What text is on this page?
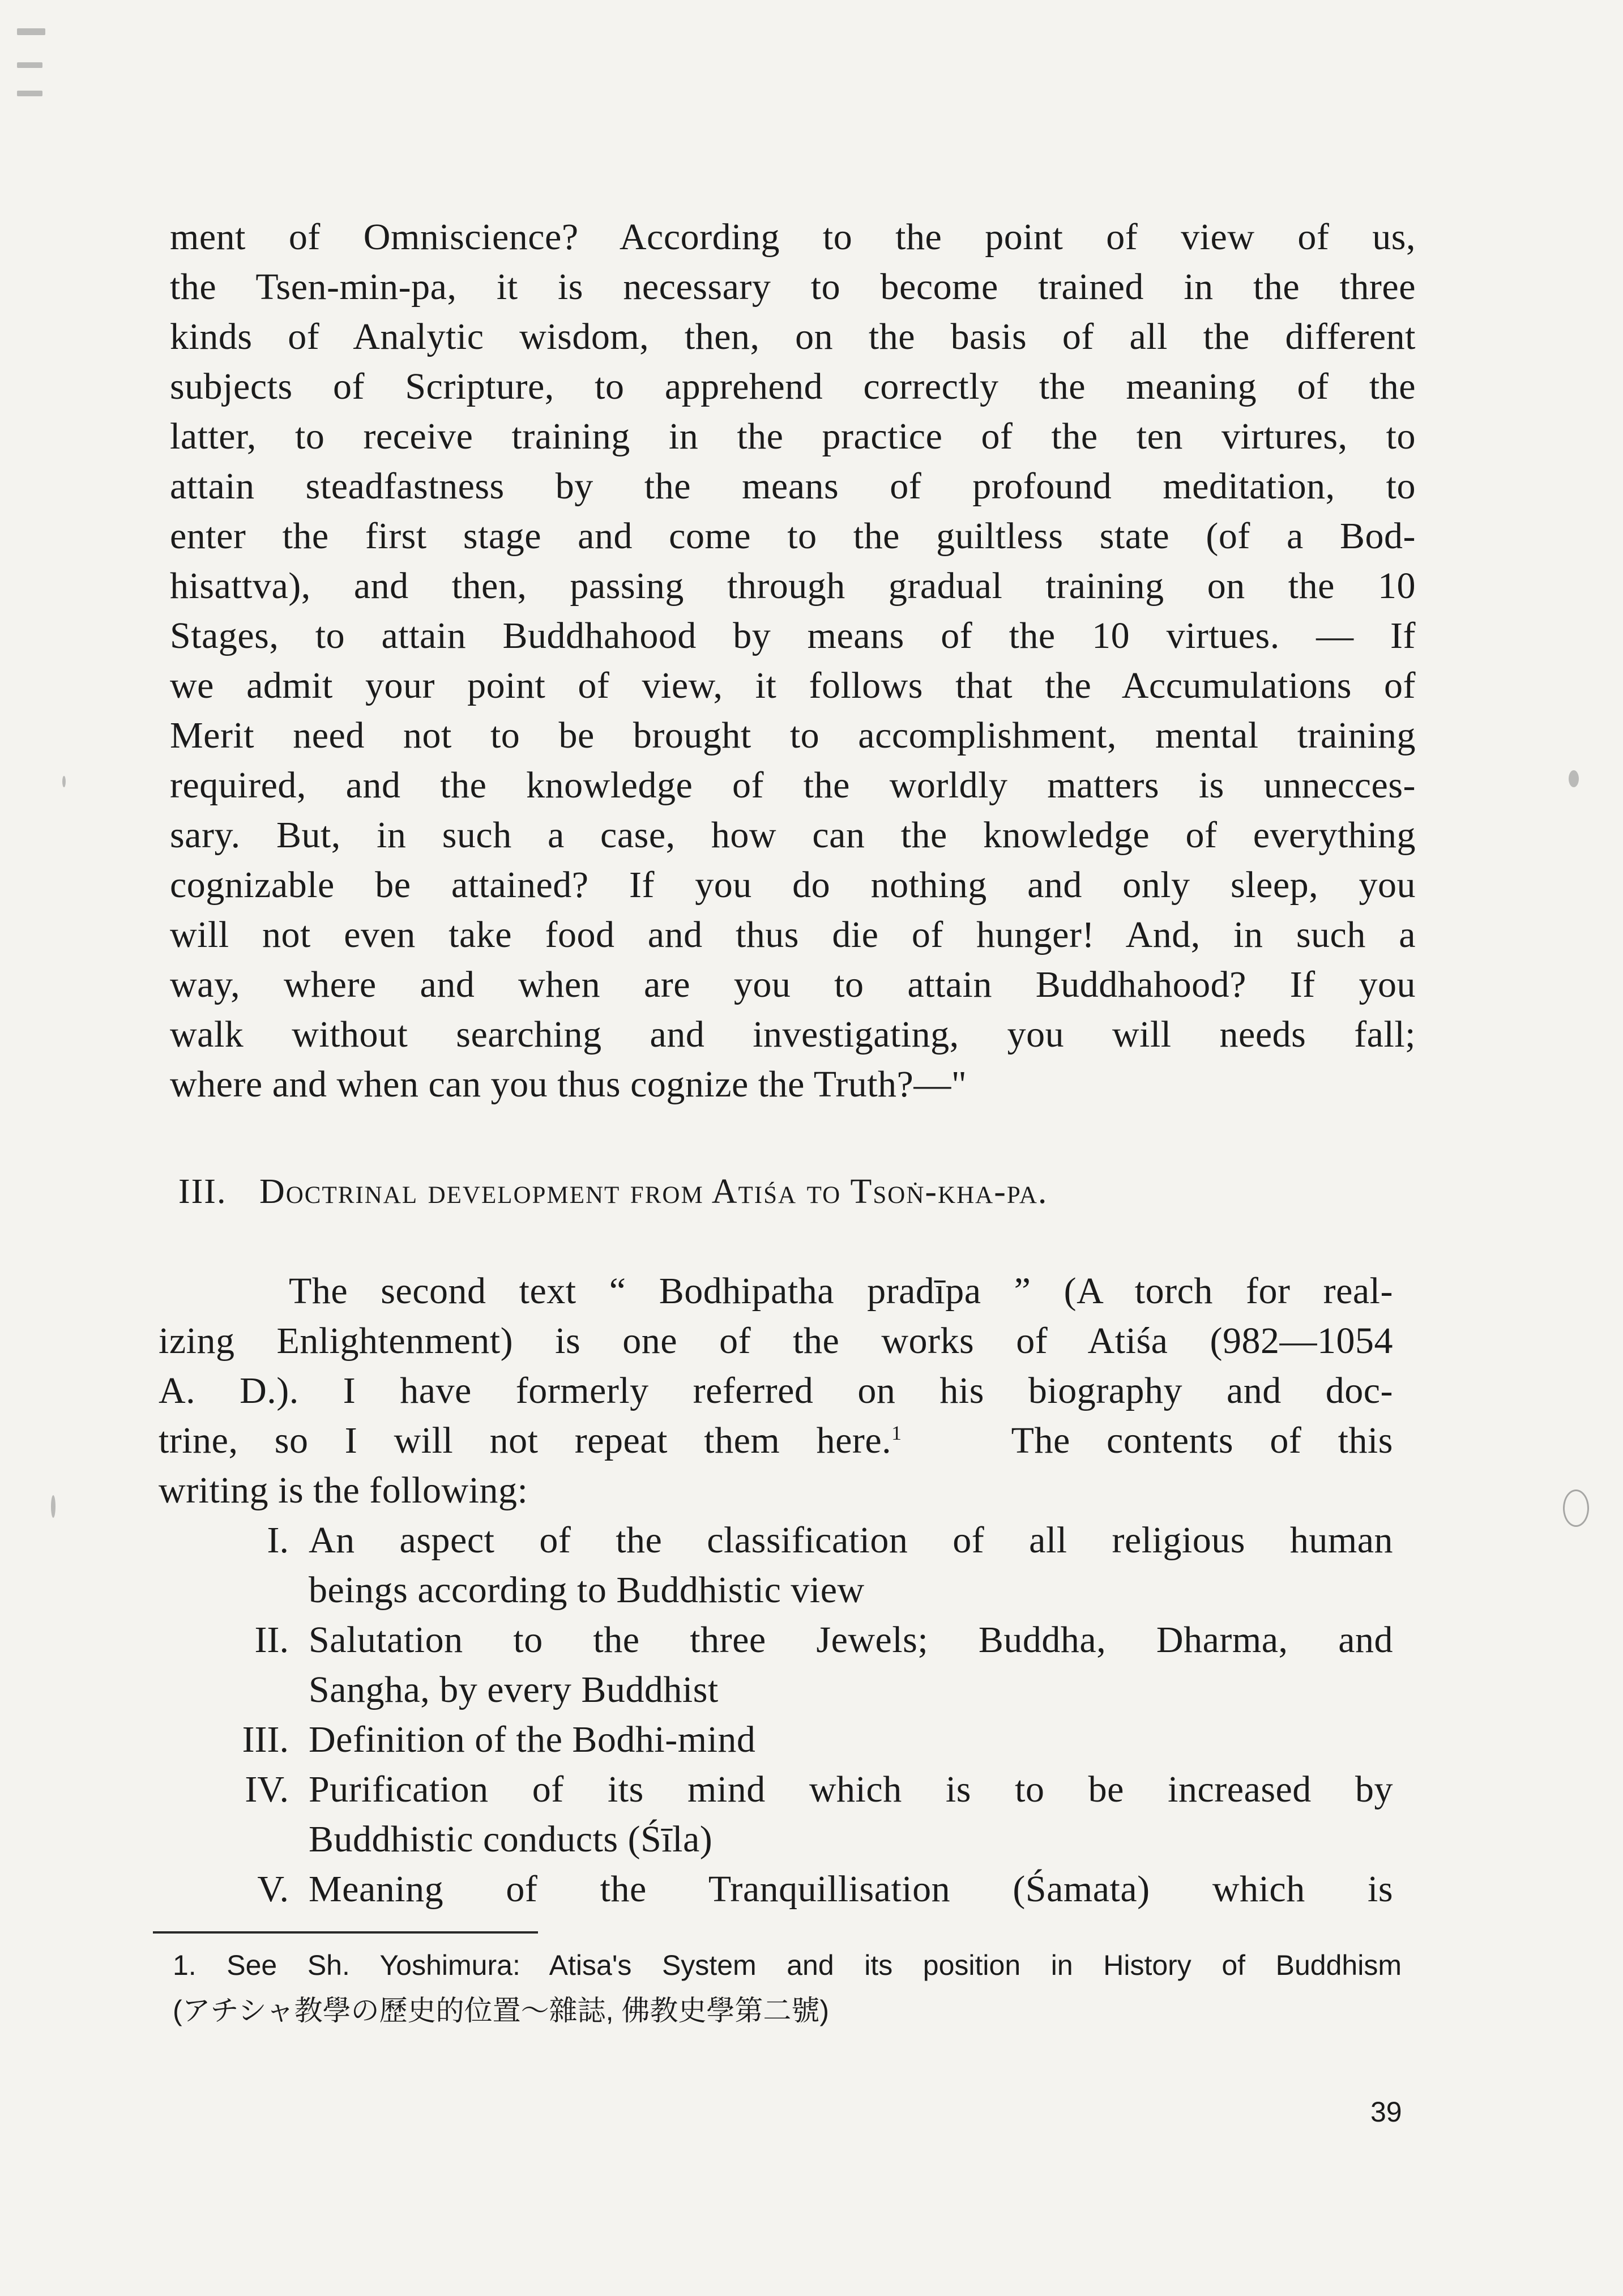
ment of Omniscience? According to the point of view of us,
the Tsen-min-pa, it is necessary to become trained in the three
kinds of Analytic wisdom, then, on the basis of all the different
subjects of Scripture, to apprehend correctly the meaning of the
latter, to receive training in the practice of the ten virtures, to
attain steadfastness by the means of profound meditation, to
enter the first stage and come to the guiltless state (of a Bod-
hisattva), and then, passing through gradual training on the 10
Stages, to attain Buddhahood by means of the 10 virtues. — If
we admit your point of view, it follows that the Accumulations of
Merit need not to be brought to accomplishment, mental training
required, and the knowledge of the worldly matters is unnecces-
sary. But, in such a case, how can the knowledge of everything
cognizable be attained? If you do nothing and only sleep, you
will not even take food and thus die of hunger! And, in such a
way, where and when are you to attain Buddhahood? If you
walk without searching and investigating, you will needs fall;
where and when can you thus cognize the Truth?—"
III. Doctrinal development from Atiśa to Tsoṅ-kha-pa.
The second text “ Bodhipatha pradīpa ” (A torch for real-
izing Enlightenment) is one of the works of Atiśa (982—1054
A. D.). I have formerly referred on his biography and doc-
trine, so I will not repeat them here.$^1$	The contents of this
writing is the following:
I. An aspect of the classification of all religious human
beings according to Buddhistic view
II. Salutation to the three Jewels; Buddha, Dharma, and
Sangha, by every Buddhist
III. Definition of the Bodhi-mind
IV. Purification of its mind which is to be increased by
Buddhistic conducts (Śīla)
V. Meaning of the Tranquillisation (Śamata) which is
1. See Sh. Yoshimura: Atisa's System and its position in History of Buddhism
(アチシャ教學の歷史的位置〜雜誌, 佛教史學第二號)
39
